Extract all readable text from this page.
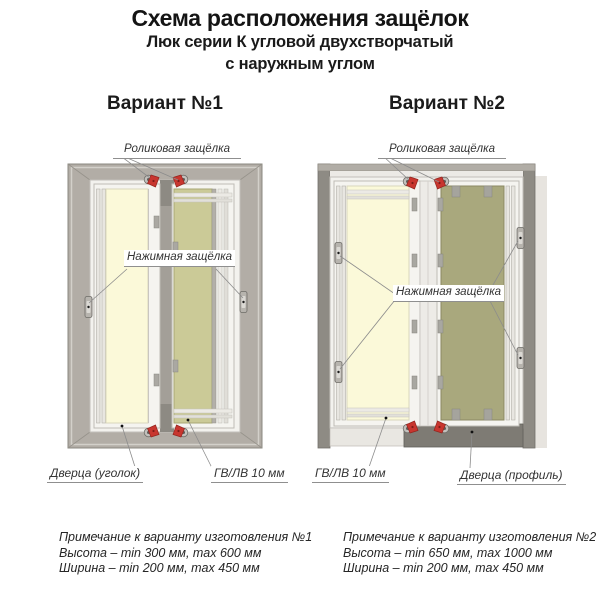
Схема расположения защёлок
Люк серии К угловой двухстворчатый
с наружным углом
Вариант №1	Вариант №2
Роликовая защёлка	Роликовая защёлка
Нажимная защёлка
Нажимная защёлка
Дверца (уголок)	ГВ/ЛВ 10 мм	ГВ/ЛВ 10 мм	Дверца (профиль)
Примечание к варианту изготовления №1
Высота – min 300 мм, max 600 мм
Ширина – min 200 мм, max 450 мм
Примечание к варианту изготовления №2
Высота – min 650 мм, max 1000 мм
Ширина – min 200 мм, max 450 мм
